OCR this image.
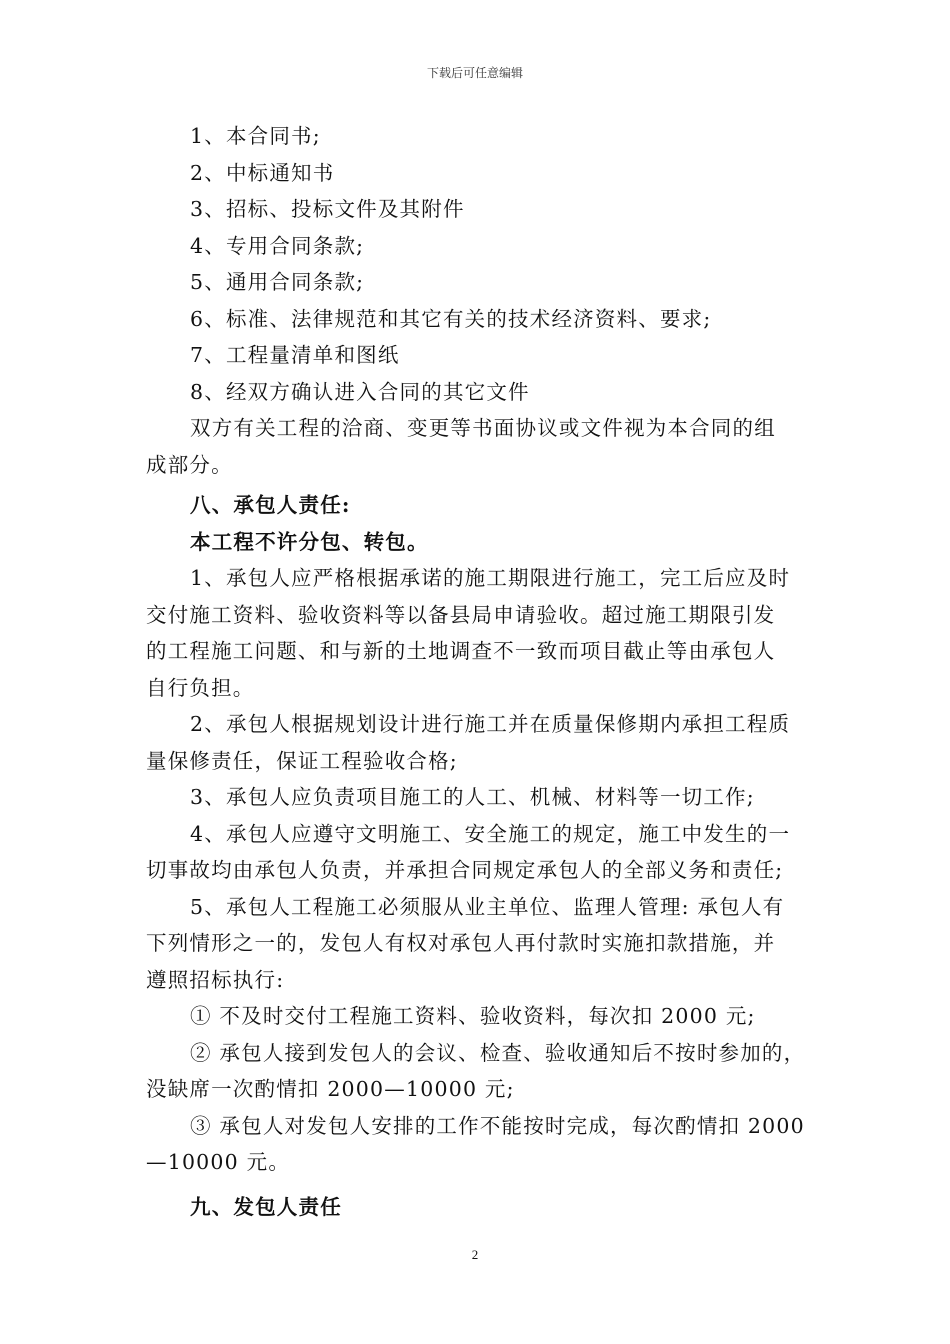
下载后可任意编辑
1、本合同书;
2、中标通知书
3、招标、投标文件及其附件
4、专用合同条款;
5、通用合同条款;
6、标准、法律规范和其它有关的技术经济资料、要求;
7、工程量清单和图纸
8、经双方确认进入合同的其它文件
双方有关工程的洽商、变更等书面协议或文件视为本合同的组
成部分。
八、承包人责任:
本工程不许分包、转包。
1、承包人应严格根据承诺的施工期限进行施工，完工后应及时
交付施工资料、验收资料等以备县局申请验收。超过施工期限引发
的工程施工问题、和与新的土地调查不一致而项目截止等由承包人
自行负担。
2、承包人根据规划设计进行施工并在质量保修期内承担工程质
量保修责任，保证工程验收合格;
3、承包人应负责项目施工的人工、机械、材料等一切工作;
4、承包人应遵守文明施工、安全施工的规定，施工中发生的一
切事故均由承包人负责，并承担合同规定承包人的全部义务和责任;
5、承包人工程施工必须服从业主单位、监理人管理: 承包人有
下列情形之一的，发包人有权对承包人再付款时实施扣款措施，并
遵照招标执行:
① 不及时交付工程施工资料、验收资料，每次扣 2000 元;
② 承包人接到发包人的会议、检查、验收通知后不按时参加的，
没缺席一次酌情扣 2000—10000 元;
③ 承包人对发包人安排的工作不能按时完成，每次酌情扣 2000
—10000 元。
九、发包人责任
2
